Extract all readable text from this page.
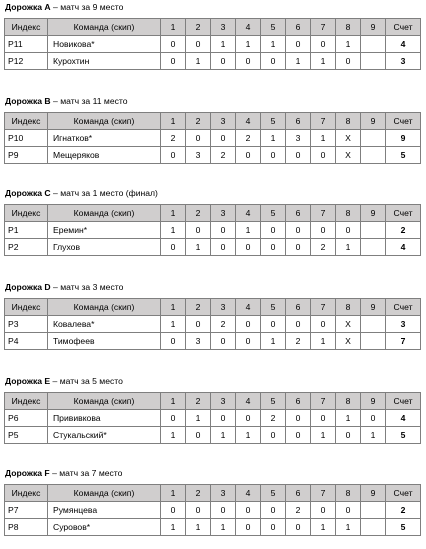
Дорожка A – матч за 9 место
Индекс	Команда (скип)	1	2	3	4	5	6	7	8	9	Счет
P11	Новикова*	0	0	1	1	1	0	0	1		4
P12	Курохтин	0	1	0	0	0	1	1	0		3
Дорожка B – матч за 11 место
Индекс	Команда (скип)	1	2	3	4	5	6	7	8	9	Счет
P10	Игнатков*	2	0	0	2	1	3	1	X		9
P9	Мещеряков	0	3	2	0	0	0	0	X		5
Дорожка C – матч за 1 место (финал)
Индекс	Команда (скип)	1	2	3	4	5	6	7	8	9	Счет
P1	Еремин*	1	0	0	1	0	0	0	0		2
P2	Глухов	0	1	0	0	0	0	2	1		4
Дорожка D – матч за 3 место
Индекс	Команда (скип)	1	2	3	4	5	6	7	8	9	Счет
P3	Ковалева*	1	0	2	0	0	0	0	X		3
P4	Тимофеев	0	3	0	0	1	2	1	X		7
Дорожка E – матч за 5 место
Индекс	Команда (скип)	1	2	3	4	5	6	7	8	9	Счет
P6	Прививкова	0	1	0	0	2	0	0	1	0	4
P5	Стукальский*	1	0	1	1	0	0	1	0	1	5
Дорожка F – матч за 7 место
Индекс	Команда (скип)	1	2	3	4	5	6	7	8	9	Счет
P7	Румянцева	0	0	0	0	0	2	0	0		2
P8	Суровов*	1	1	1	0	0	0	1	1		5
